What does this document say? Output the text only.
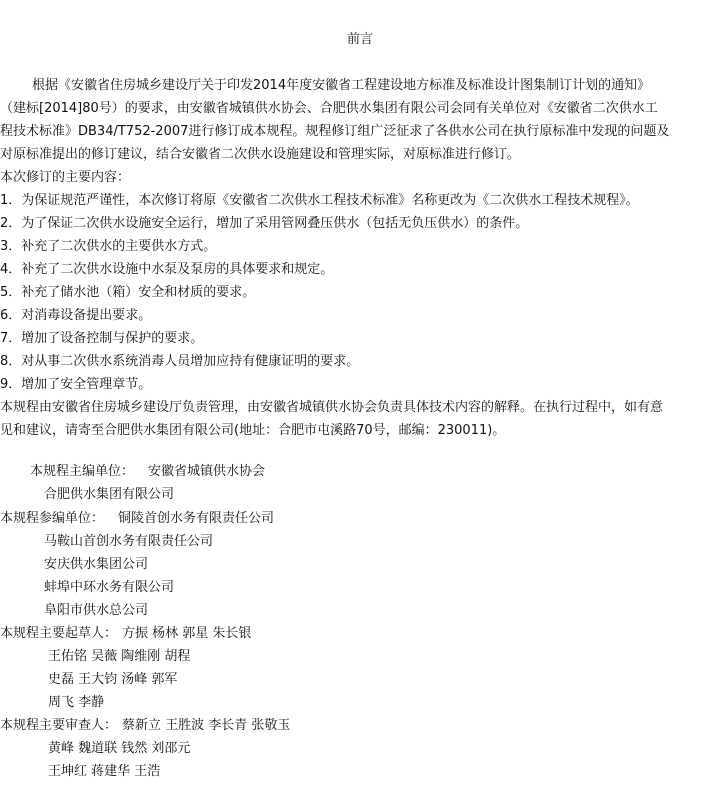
前言
根据《安徽省住房城乡建设厅关于印发2014年度安徽省工程建设地方标准及标准设计图集制订计划的通知》
（建标[2014]80号）的要求，由安徽省城镇供水协会、合肥供水集团有限公司会同有关单位对《安徽省二次供水工
程技术标准》DB34/T752-2007进行修订成本规程。规程修订组广泛征求了各供水公司在执行原标准中发现的问题及
对原标准提出的修订建议，结合安徽省二次供水设施建设和管理实际，对原标准进行修订。
本次修订的主要内容：
1．为保证规范严谨性，本次修订将原《安徽省二次供水工程技术标准》名称更改为《二次供水工程技术规程》。
2．为了保证二次供水设施安全运行，增加了采用管网叠压供水（包括无负压供水）的条件。
3．补充了二次供水的主要供水方式。
4．补充了二次供水设施中水泵及泵房的具体要求和规定。
5．补充了储水池（箱）安全和材质的要求。
6．对消毒设备提出要求。
7．增加了设备控制与保护的要求。
8．对从事二次供水系统消毒人员增加应持有健康证明的要求。
9．增加了安全管理章节。
本规程由安徽省住房城乡建设厅负责管理，由安徽省城镇供水协会负责具体技术内容的解释。在执行过程中，如有意
见和建议，请寄至合肥供水集团有限公司(地址：合肥市屯溪路70号，邮编：230011)。
本规程主编单位： 安徽省城镇供水协会
合肥供水集团有限公司
本规程参编单位： 铜陵首创水务有限责任公司
马鞍山首创水务有限责任公司
安庆供水集团公司
蚌埠中环水务有限公司
阜阳市供水总公司
本规程主要起草人： 方振 杨林 郭星 朱长银
王佑铭 吴薇 陶维刚 胡程
史磊 王大钧 汤峰 郭军
周飞 李静
本规程主要审查人： 蔡新立 王胜波 李长青 张敬玉
黄峰 魏道联 钱然 刘邵元
王坤红 蒋建华 王浩
